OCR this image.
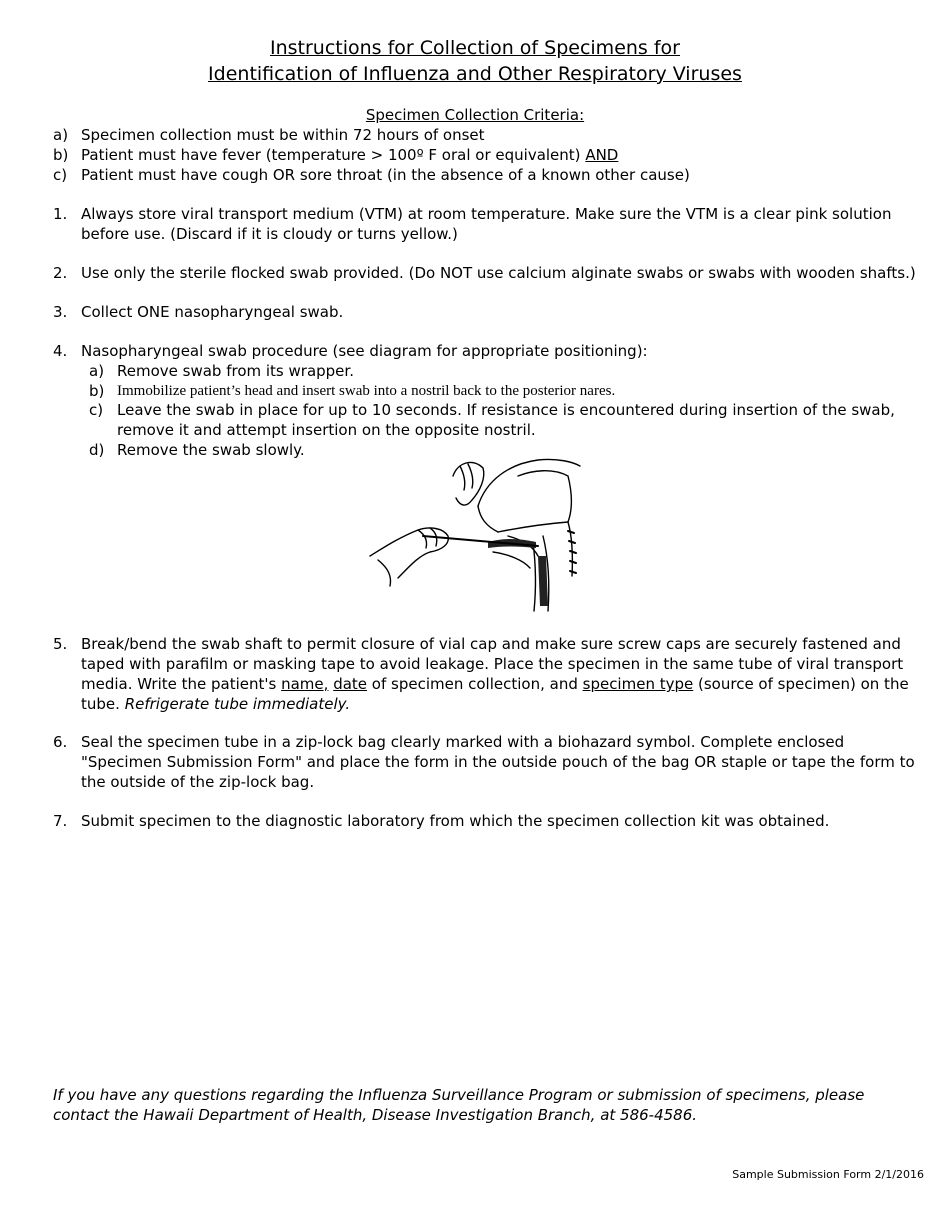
Instructions for Collection of Specimens for
Identification of Influenza and Other Respiratory Viruses
Specimen Collection Criteria:
a) Specimen collection must be within 72 hours of onset
b) Patient must have fever (temperature > 100º F oral or equivalent) AND
c) Patient must have cough OR sore throat (in the absence of a known other cause)
1. Always store viral transport medium (VTM) at room temperature. Make sure the VTM is a clear pink solution before use. (Discard if it is cloudy or turns yellow.)
2. Use only the sterile flocked swab provided. (Do NOT use calcium alginate swabs or swabs with wooden shafts.)
3. Collect ONE nasopharyngeal swab.
4. Nasopharyngeal swab procedure (see diagram for appropriate positioning):
a) Remove swab from its wrapper.
b) Immobilize patient’s head and insert swab into a nostril back to the posterior nares.
c) Leave the swab in place for up to 10 seconds. If resistance is encountered during insertion of the swab, remove it and attempt insertion on the opposite nostril.
d) Remove the swab slowly.
5. Break/bend the swab shaft to permit closure of vial cap and make sure screw caps are securely fastened and taped with parafilm or masking tape to avoid leakage. Place the specimen in the same tube of viral transport media. Write the patient's name, date of specimen collection, and specimen type (source of specimen) on the tube. Refrigerate tube immediately.
6. Seal the specimen tube in a zip-lock bag clearly marked with a biohazard symbol. Complete enclosed "Specimen Submission Form" and place the form in the outside pouch of the bag OR staple or tape the form to the outside of the zip-lock bag.
7. Submit specimen to the diagnostic laboratory from which the specimen collection kit was obtained.
If you have any questions regarding the Influenza Surveillance Program or submission of specimens, please contact the Hawaii Department of Health, Disease Investigation Branch, at 586-4586.
Sample Submission Form 2/1/2016
